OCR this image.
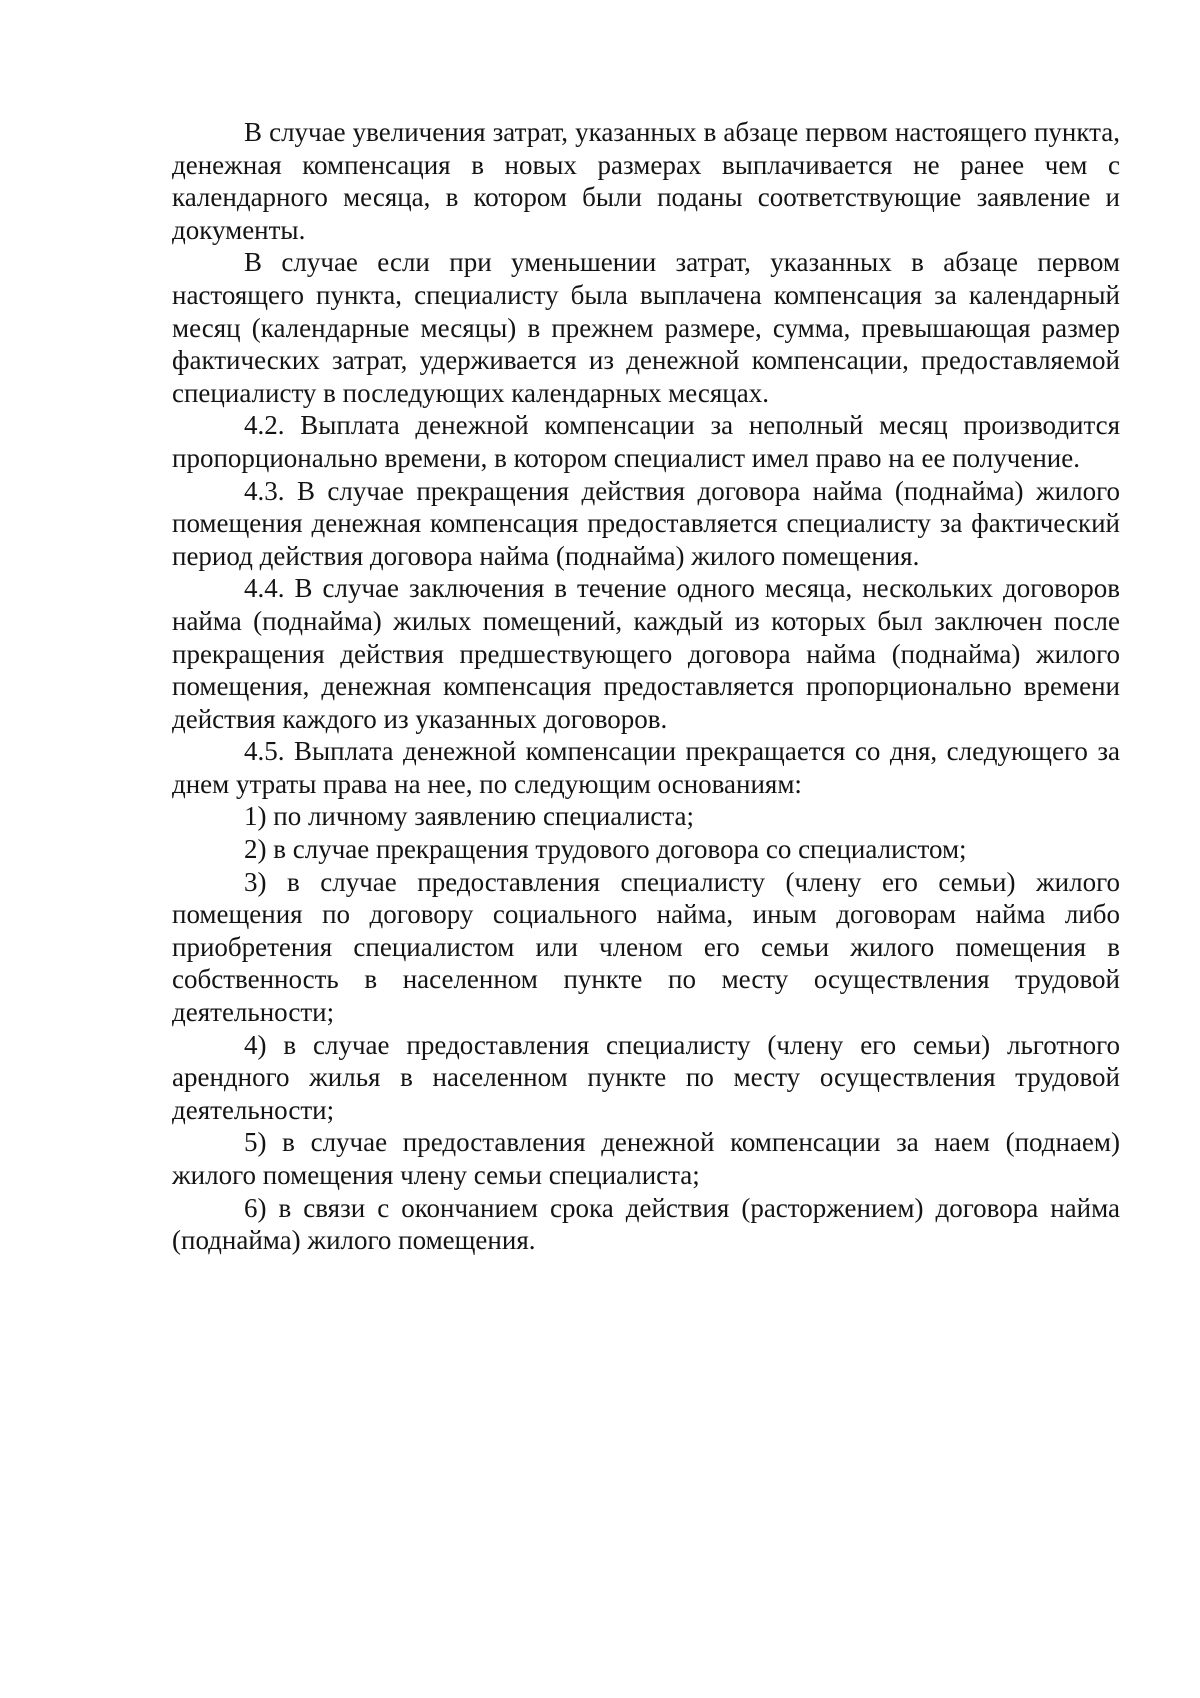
В случае увеличения затрат, указанных в абзаце первом настоящего пункта, денежная компенсация в новых размерах выплачивается не ранее чем с календарного месяца, в котором были поданы соответствующие заявление и документы.

В случае если при уменьшении затрат, указанных в абзаце первом настоящего пункта, специалисту была выплачена компенсация за календарный месяц (календарные месяцы) в прежнем размере, сумма, превышающая размер фактических затрат, удерживается из денежной компенсации, предоставляемой специалисту в последующих календарных месяцах.

4.2. Выплата денежной компенсации за неполный месяц производится пропорционально времени, в котором специалист имел право на ее получение.

4.3. В случае прекращения действия договора найма (поднайма) жилого помещения денежная компенсация предоставляется специалисту за фактический период действия договора найма (поднайма) жилого помещения.

4.4. В случае заключения в течение одного месяца, нескольких договоров найма (поднайма) жилых помещений, каждый из которых был заключен после прекращения действия предшествующего договора найма (поднайма) жилого помещения, денежная компенсация предоставляется пропорционально времени действия каждого из указанных договоров.

4.5. Выплата денежной компенсации прекращается со дня, следующего за днем утраты права на нее, по следующим основаниям:

1) по личному заявлению специалиста;

2) в случае прекращения трудового договора со специалистом;

3) в случае предоставления специалисту (члену его семьи) жилого помещения по договору социального найма, иным договорам найма либо приобретения специалистом или членом его семьи жилого помещения в собственность в населенном пункте по месту осуществления трудовой деятельности;

4) в случае предоставления специалисту (члену его семьи) льготного арендного жилья в населенном пункте по месту осуществления трудовой деятельности;

5) в случае предоставления денежной компенсации за наем (поднаем) жилого помещения члену семьи специалиста;

6) в связи с окончанием срока действия (расторжением) договора найма (поднайма) жилого помещения.
